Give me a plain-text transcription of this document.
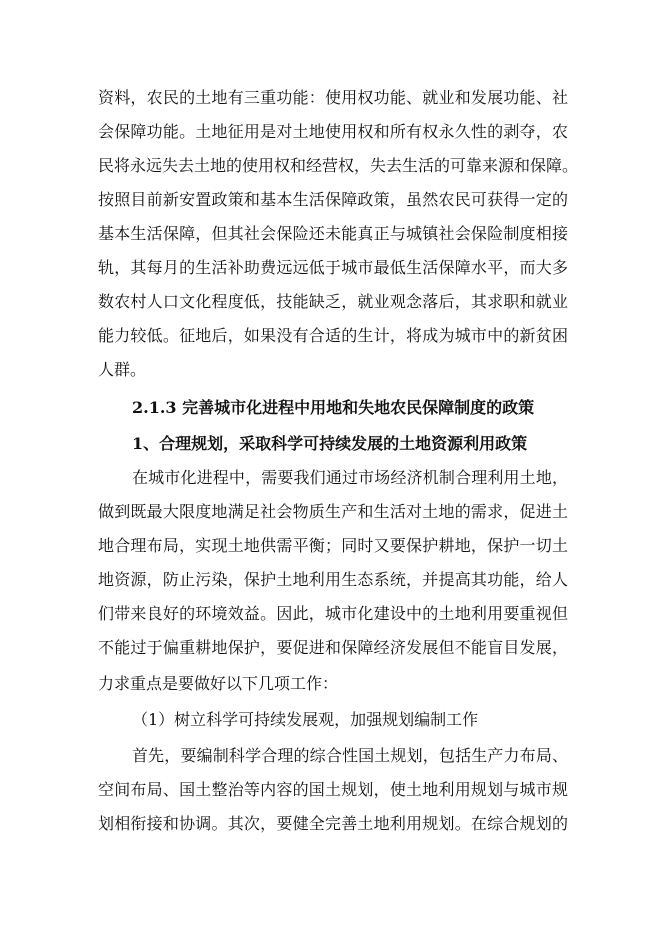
资料，农民的土地有三重功能：使用权功能、就业和发展功能、社
会保障功能。土地征用是对土地使用权和所有权永久性的剥夺，农
民将永远失去土地的使用权和经营权，失去生活的可靠来源和保障。
按照目前新安置政策和基本生活保障政策，虽然农民可获得一定的
基本生活保障，但其社会保险还未能真正与城镇社会保险制度相接
轨，其每月的生活补助费远远低于城市最低生活保障水平，而大多
数农村人口文化程度低，技能缺乏，就业观念落后，其求职和就业
能力较低。征地后，如果没有合适的生计，将成为城市中的新贫困
人群。
2.1.3 完善城市化进程中用地和失地农民保障制度的政策
1、合理规划，采取科学可持续发展的土地资源利用政策
在城市化进程中，需要我们通过市场经济机制合理利用土地，
做到既最大限度地满足社会物质生产和生活对土地的需求，促进土
地合理布局，实现土地供需平衡；同时又要保护耕地，保护一切土
地资源，防止污染，保护土地利用生态系统，并提高其功能，给人
们带来良好的环境效益。因此，城市化建设中的土地利用要重视但
不能过于偏重耕地保护，要促进和保障经济发展但不能盲目发展，
力求重点是要做好以下几项工作：
（1）树立科学可持续发展观，加强规划编制工作
首先，要编制科学合理的综合性国土规划，包括生产力布局、
空间布局、国土整治等内容的国土规划，使土地利用规划与城市规
划相衔接和协调。其次，要健全完善土地利用规划。在综合规划的
